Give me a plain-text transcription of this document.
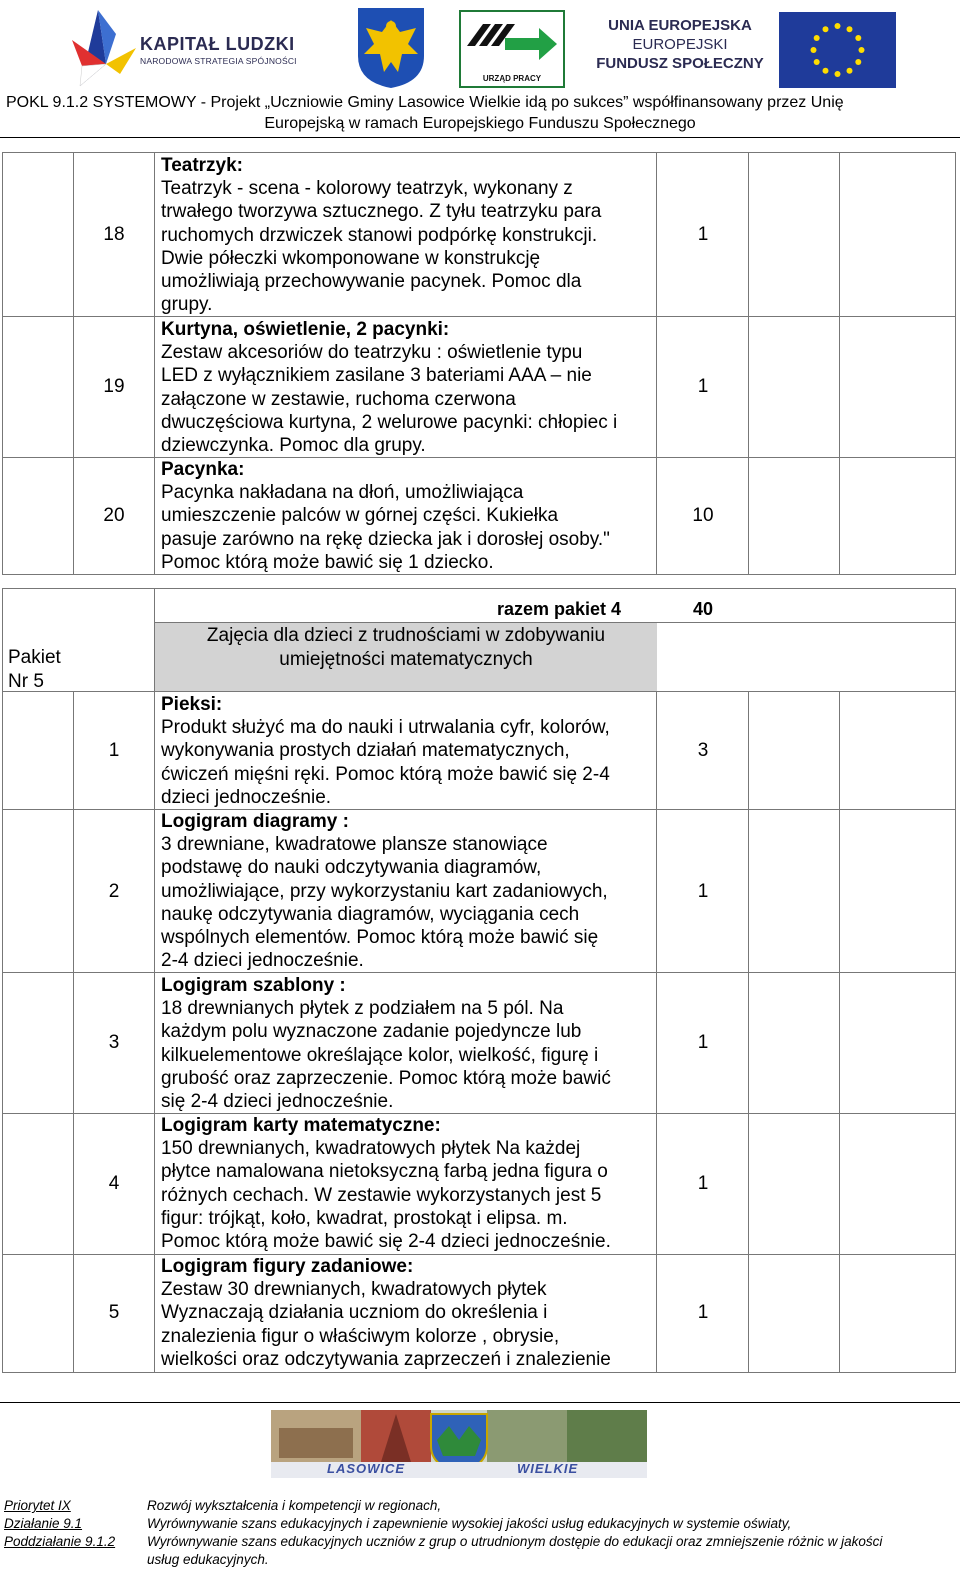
KAPITAŁ LUDZKI
NARODOWA STRATEGIA SPÓJNOŚCI
URZĄD PRACY
UNIA EUROPEJSKA
EUROPEJSKI
FUNDUSZ SPOŁECZNY
POKL 9.1.2 SYSTEMOWY - Projekt „Uczniowie Gminy Lasowice Wielkie idą po sukces” współfinansowany przez Unię
Europejską w ramach Europejskiego Funduszu Społecznego
18
Teatrzyk:
Teatrzyk - scena - kolorowy teatrzyk, wykonany z
trwałego tworzywa sztucznego. Z tyłu teatrzyku para
ruchomych drzwiczek stanowi podpórkę konstrukcji.
Dwie półeczki wkomponowane w konstrukcję
umożliwiają przechowywanie pacynek. Pomoc dla
grupy.
1
19
Kurtyna, oświetlenie, 2 pacynki:
Zestaw akcesoriów do teatrzyku : oświetlenie typu
LED z wyłącznikiem zasilane 3 bateriami AAA – nie
załączone w zestawie, ruchoma czerwona
dwuczęściowa kurtyna, 2 welurowe pacynki: chłopiec i
dziewczynka. Pomoc dla grupy.
1
20
Pacynka:
Pacynka nakładana na dłoń, umożliwiająca
umieszczenie palców w górnej części. Kukiełka
pasuje zarówno na rękę dziecka jak i dorosłej osoby."
Pomoc którą może bawić się 1 dziecko.
10
razem pakiet 4	40
Zajęcia dla dzieci z trudnościami w zdobywaniu
umiejętności matematycznych
Pakiet
Nr 5
1
Pieksi:
Produkt służyć ma do nauki i utrwalania cyfr, kolorów,
wykonywania prostych działań matematycznych,
ćwiczeń mięśni ręki. Pomoc którą może bawić się 2-4
dzieci jednocześnie.
3
2
Logigram diagramy :
3 drewniane, kwadratowe plansze stanowiące
podstawę do nauki odczytywania diagramów,
umożliwiające, przy wykorzystaniu kart zadaniowych,
naukę odczytywania diagramów, wyciągania cech
wspólnych elementów. Pomoc którą może bawić się
2-4 dzieci jednocześnie.
1
3
Logigram szablony :
18 drewnianych płytek z podziałem na 5 pól. Na
każdym polu wyznaczone zadanie pojedyncze lub
kilkuelementowe określające kolor, wielkość, figurę i
grubość oraz zaprzeczenie. Pomoc którą może bawić
się 2-4 dzieci jednocześnie.
1
4
Logigram karty matematyczne:
150 drewnianych, kwadratowych płytek Na każdej
płytce namalowana nietoksyczną farbą jedna figura o
różnych cechach. W zestawie wykorzystanych jest 5
figur: trójkąt, koło, kwadrat, prostokąt i elipsa. m.
Pomoc którą może bawić się 2-4 dzieci jednocześnie.
1
5
Logigram figury zadaniowe:
Zestaw 30 drewnianych, kwadratowych płytek
Wyznaczają działania uczniom do określenia i
znalezienia figur o właściwym kolorze , obrysie,
wielkości oraz odczytywania zaprzeczeń i znalezienie
1
LASOWICE	WIELKIE
Priorytet IX
Działanie 9.1
Poddziałanie 9.1.2
Rozwój wykształcenia i kompetencji w regionach,
Wyrównywanie szans edukacyjnych i zapewnienie wysokiej jakości usług edukacyjnych w systemie oświaty,
Wyrównywanie szans edukacyjnych uczniów z grup o utrudnionym dostępie do edukacji oraz zmniejszenie różnic w jakości
usług edukacyjnych.
